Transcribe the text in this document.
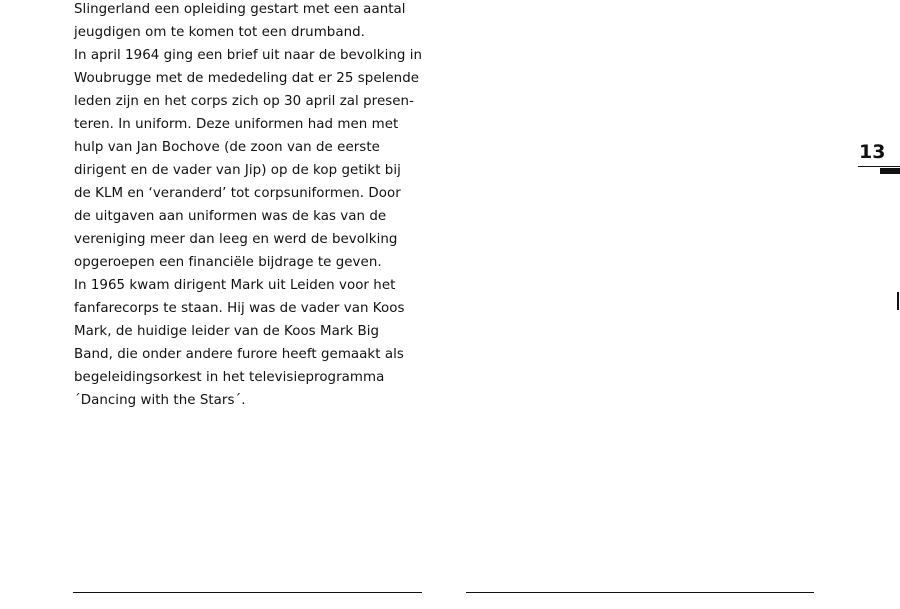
Slingerland een opleiding gestart met een aantal
jeugdigen om te komen tot een drumband.
In april 1964 ging een brief uit naar de bevolking in
Woubrugge met de mededeling dat er 25 spelende
leden zijn en het corps zich op 30 april zal presen-
teren. In uniform. Deze uniformen had men met
hulp van Jan Bochove (de zoon van de eerste
dirigent en de vader van Jip) op de kop getikt bij
de KLM en ‘veranderd’ tot corpsuniformen. Door
de uitgaven aan uniformen was de kas van de
vereniging meer dan leeg en werd de bevolking
opgeroepen een financiële bijdrage te geven.
In 1965 kwam dirigent Mark uit Leiden voor het
fanfarecorps te staan. Hij was de vader van Koos
Mark, de huidige leider van de Koos Mark Big
Band, die onder andere furore heeft gemaakt als
begeleidingsorkest in het televisieprogramma
´Dancing with the Stars´.
13
